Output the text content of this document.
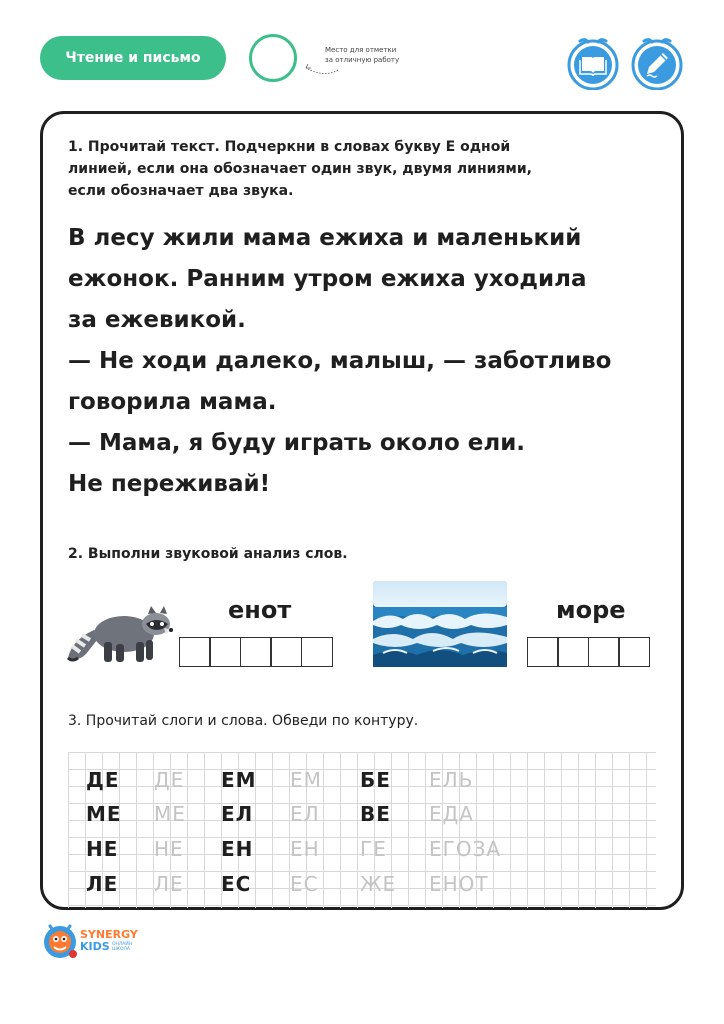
Чтение и письмо	Место для отметки
за отличную работу
1. Прочитай текст. Подчеркни в словах букву Е одной
линией, если она обозначает один звук, двумя линиями,
если обозначает два звука.
В лесу жили мама ежиха и маленький
ежонок. Ранним утром ежиха уходила
за ежевикой.
— Не ходи далеко, малыш, — заботливо
говорила мама.
— Мама, я буду играть около ели.
Не переживай!
2. Выполни звуковой анализ слов.
енот	море
3. Прочитай слоги и слова. Обведи по контуру.
ДЕ ДЕ ЕМ ЕМ БЕ ЕЛЬ
МЕ МЕ ЕЛ ЕЛ ВЕ ЕДА
НЕ НЕ ЕН ЕН ГЕ ЕГОЗА
ЛЕ ЛЕ ЕС ЕС ЖЕ ЕНОТ
SYNERGY
KIDS ОНЛАЙН
ШКОЛА
